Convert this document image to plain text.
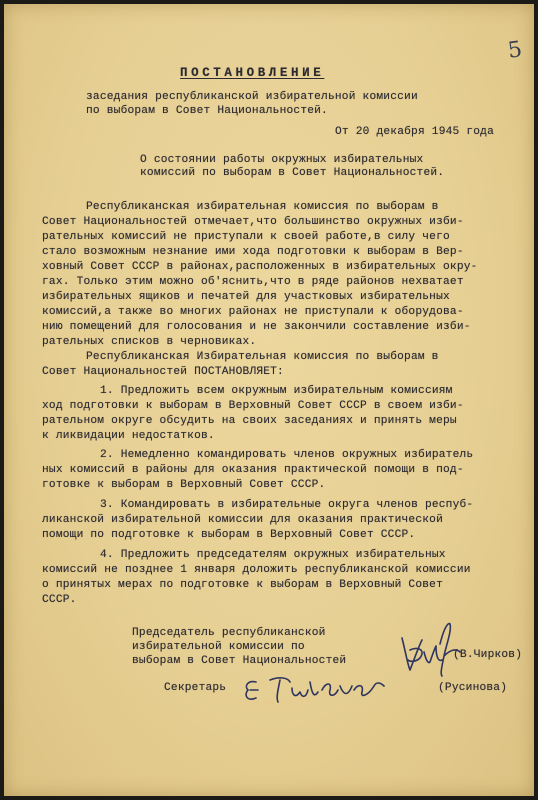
5
ПОСТАНОВЛЕНИЕ
заседания республиканской избирательной комиссии
по выборам в Совет Национальностей.
От 20 декабря 1945 года
О состоянии работы окружных избирательных
комиссий по выборам в Совет Национальностей.
Республиканская избирательная комиссия по выборам в
Совет Национальностей отмечает,что большинство окружных изби-
рательных комиссий не приступали к своей работе,в силу чего
стало возможным незнание ими хода подготовки к выборам в Вер-
ховный Совет СССР в районах,расположенных в избирательных окру-
гах. Только этим можно об'яснить,что в ряде районов нехватает
избирательных ящиков и печатей для участковых избирательных
комиссий,а также во многих районах не приступали к оборудова-
нию помещений для голосования и не закончили составление изби-
рательных списков в черновиках.
Республиканская Избирательная комиссия по выборам в
Совет Национальностей ПОСТАНОВЛЯЕТ:
1. Предложить всем окружным избирательным комиссиям
ход подготовки к выборам в Верховный Совет СССР в своем изби-
рательном округе обсудить на своих заседаниях и принять меры
к ликвидации недостатков.
2. Немедленно командировать членов окружных избиратель
ных комиссий в районы для оказания практической помощи в под-
готовке к выборам в Верховный Совет СССР.
3. Командировать в избирательные округа членов респуб-
ликанской избирательной комиссии для оказания практической
помощи по подготовке к выборам в Верховный Совет СССР.
4. Предложить председателям окружных избирательных
комиссий не позднее 1 января доложить республиканской комиссии
о принятых мерах по подготовке к выборам в Верховный Совет
СССР.
Председатель республиканской
избирательной комиссии по
выборам в Совет Национальностей	(В.Чирков)
Секретарь	(Русинова)
